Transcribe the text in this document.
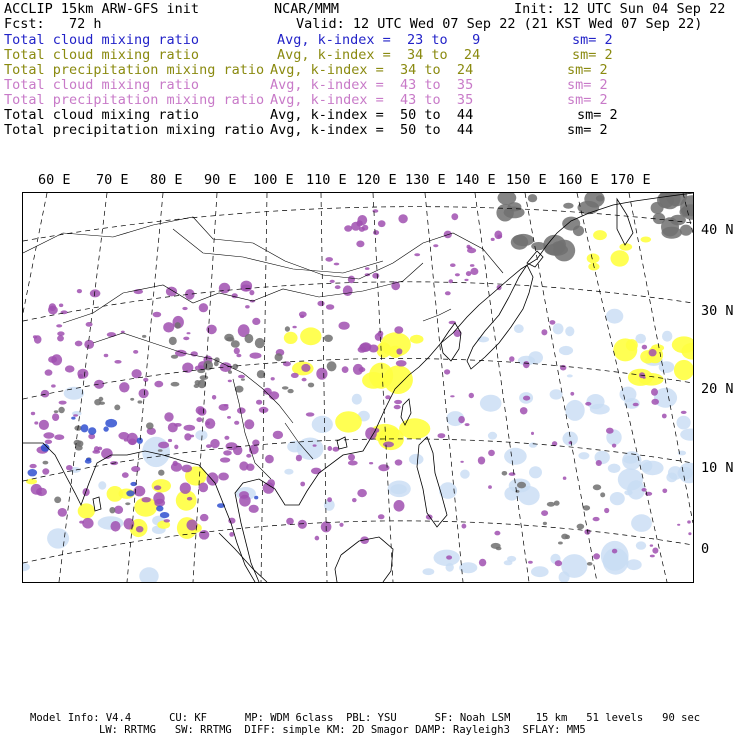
ACCLIP 15km ARW-GFS init	NCAR/MMM	Init: 12 UTC Sun 04 Sep 22
Fcst:   72 h	Valid: 12 UTC Wed 07 Sep 22 (21 KST Wed 07 Sep 22)
Total cloud mixing ratio	Avg, k-index =  23 to   9	sm= 2
Total cloud mixing ratio	Avg, k-index =  34 to  24	sm= 2
Total precipitation mixing ratio Avg, k-index =  34 to  24	sm= 2
Total cloud mixing ratio	Avg, k-index =  43 to  35	sm= 2
Total precipitation mixing ratio Avg, k-index =  43 to  35	sm= 2
Total cloud mixing ratio	Avg, k-index =  50 to  44	sm= 2
Total precipitation mixing ratio Avg, k-index =  50 to  44	sm= 2
60 E 70 E 80 E 90 E 100 E 110 E 120 E 130 E 140 E 150 E 160 E 170 E
40 N
30 N
20 N
10 N
0
Model Info: V4.4      CU: KF      MP: WDM 6class  PBL: YSU      SF: Noah LSM    15 km   51 levels   90 sec
LW: RRTMG   SW: RRTMG  DIFF: simple KM: 2D Smagor DAMP: Rayleigh3  SFLAY: MM5
